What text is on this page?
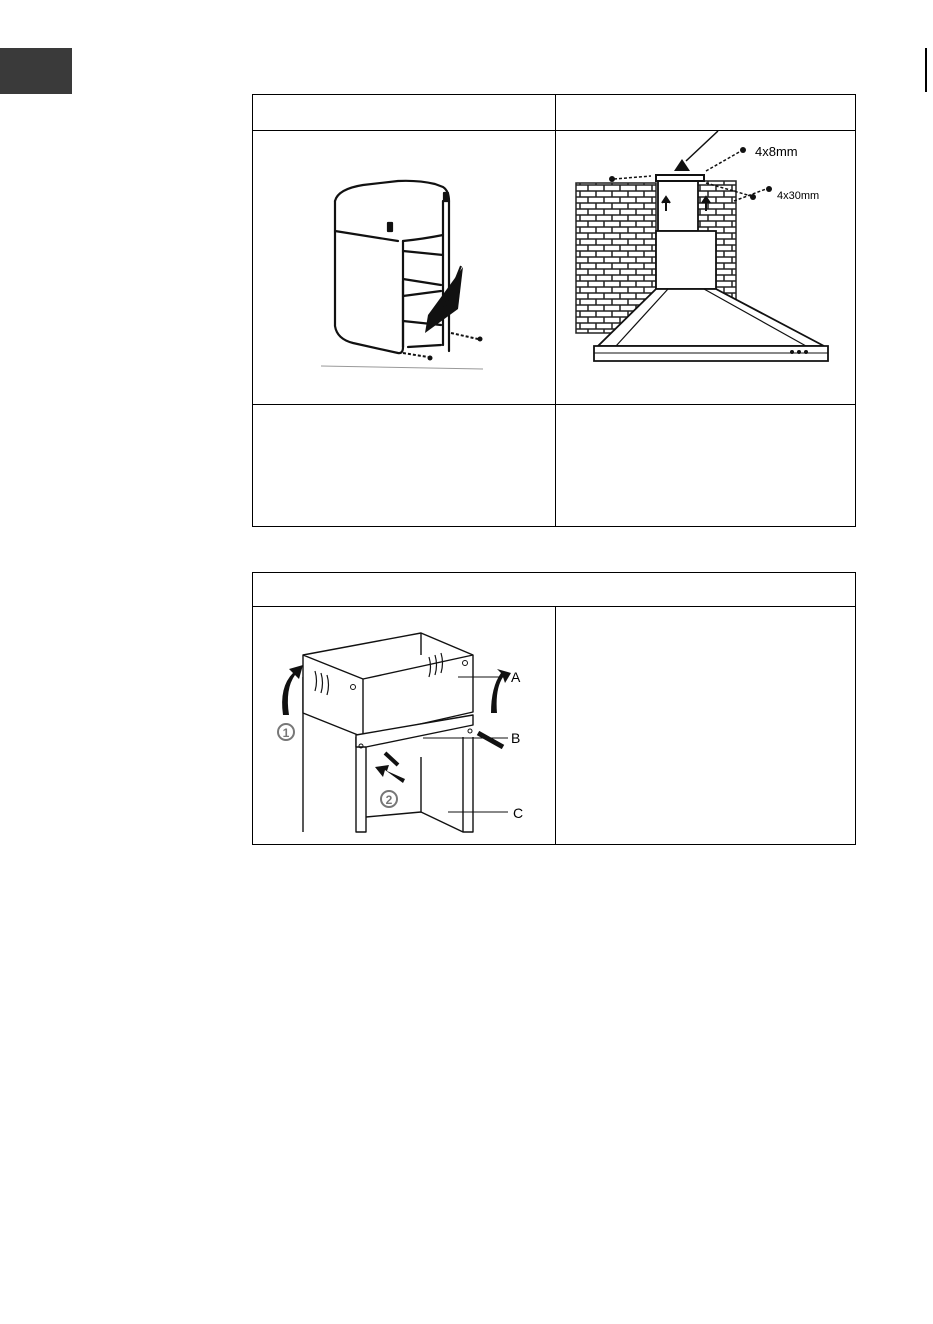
4x8mm
4x30mm
1
2
A
B
C
